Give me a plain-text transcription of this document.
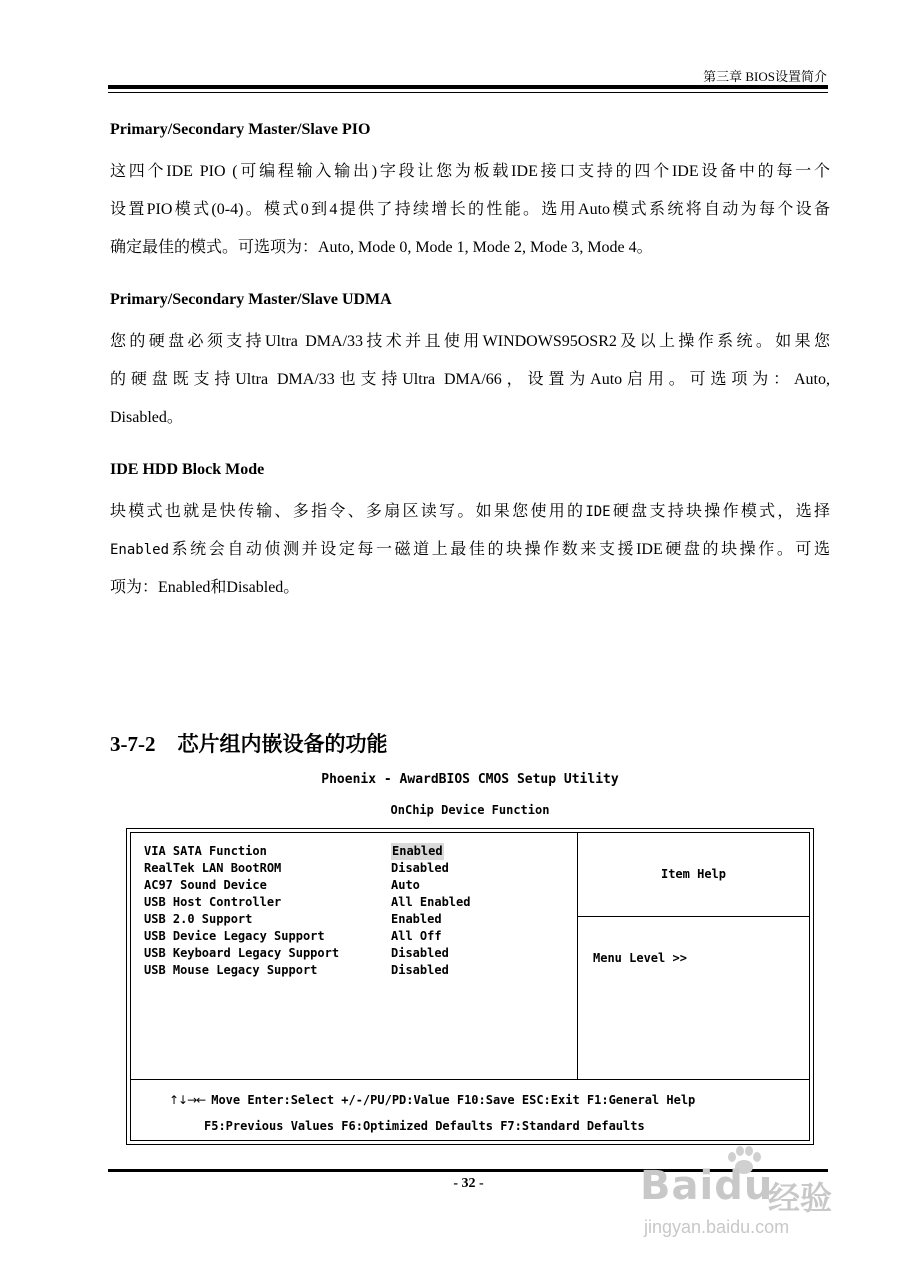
第三章 BIOS设置简介
Primary/Secondary Master/Slave PIO
这四个IDE PIO (可编程输入输出)字段让您为板载IDE接口支持的四个IDE设备中的每一个
设置PIO模式(0-4)。模式0到4提供了持续增长的性能。选用Auto模式系统将自动为每个设备
确定最佳的模式。可选项为：Auto, Mode 0, Mode 1, Mode 2, Mode 3, Mode 4。
Primary/Secondary Master/Slave UDMA
您的硬盘必须支持Ultra DMA/33技术并且使用WINDOWS95OSR2及以上操作系统。如果您
的硬盘既支持Ultra DMA/33也支持Ultra DMA/66，设置为Auto启用。可选项为：Auto,
Disabled。
IDE HDD Block Mode
块模式也就是快传输、多指令、多扇区读写。如果您使用的IDE硬盘支持块操作模式，选择
Enabled系统会自动侦测并设定每一磁道上最佳的块操作数来支援IDE硬盘的块操作。可选
项为：Enabled和Disabled。
3-7-2 芯片组内嵌设备的功能
Phoenix - AwardBIOS CMOS Setup Utility
OnChip Device Function
VIA SATA Function	Enabled
RealTek LAN BootROM	Disabled
AC97 Sound Device	Auto
USB Host Controller	All Enabled
USB 2.0 Support	Enabled
USB Device Legacy Support	All Off
USB Keyboard Legacy Support	Disabled
USB Mouse Legacy Support	Disabled
Item Help
Menu Level >>
↑↓→← Move Enter:Select +/-/PU/PD:Value F10:Save ESC:Exit F1:General Help
F5:Previous Values F6:Optimized Defaults F7:Standard Defaults
- 32 -	Baidu
经验
jingyan.baidu.com
